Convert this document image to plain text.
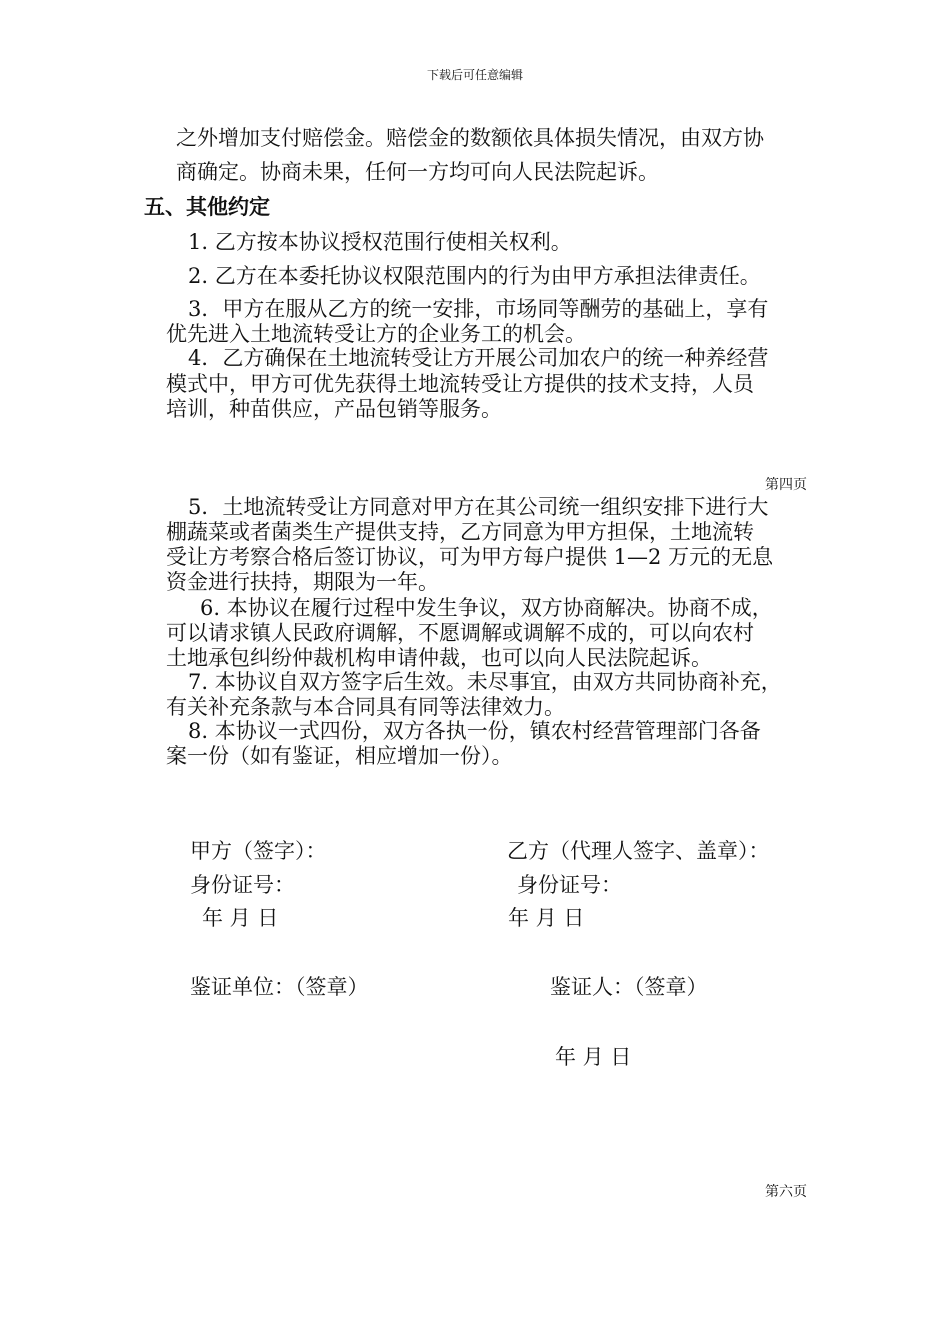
下载后可任意编辑
之外增加支付赔偿金。赔偿金的数额依具体损失情况，由双方协
商确定。协商未果，任何一方均可向人民法院起诉。
五、其他约定
1. 乙方按本协议授权范围行使相关权利。
2. 乙方在本委托协议权限范围内的行为由甲方承担法律责任。
3．甲方在服从乙方的统一安排，市场同等酬劳的基础上，享有
优先进入土地流转受让方的企业务工的机会。
4．乙方确保在土地流转受让方开展公司加农户的统一种养经营
模式中，甲方可优先获得土地流转受让方提供的技术支持，人员
培训，种苗供应，产品包销等服务。
第四页
5．土地流转受让方同意对甲方在其公司统一组织安排下进行大
棚蔬菜或者菌类生产提供支持，乙方同意为甲方担保，土地流转
受让方考察合格后签订协议，可为甲方每户提供 1—2 万元的无息
资金进行扶持，期限为一年。
6. 本协议在履行过程中发生争议，双方协商解决。协商不成，
可以请求镇人民政府调解，不愿调解或调解不成的，可以向农村
土地承包纠纷仲裁机构申请仲裁，也可以向人民法院起诉。
7. 本协议自双方签字后生效。未尽事宜，由双方共同协商补充，
有关补充条款与本合同具有同等法律效力。
8. 本协议一式四份，双方各执一份，镇农村经营管理部门各备
案一份（如有鉴证，相应增加一份）。
甲方（签字）：	乙方（代理人签字、盖章）：
身份证号：	身份证号：
年 月 日	年 月 日
鉴证单位：（签章）	鉴证人：（签章）
年 月 日
第六页
